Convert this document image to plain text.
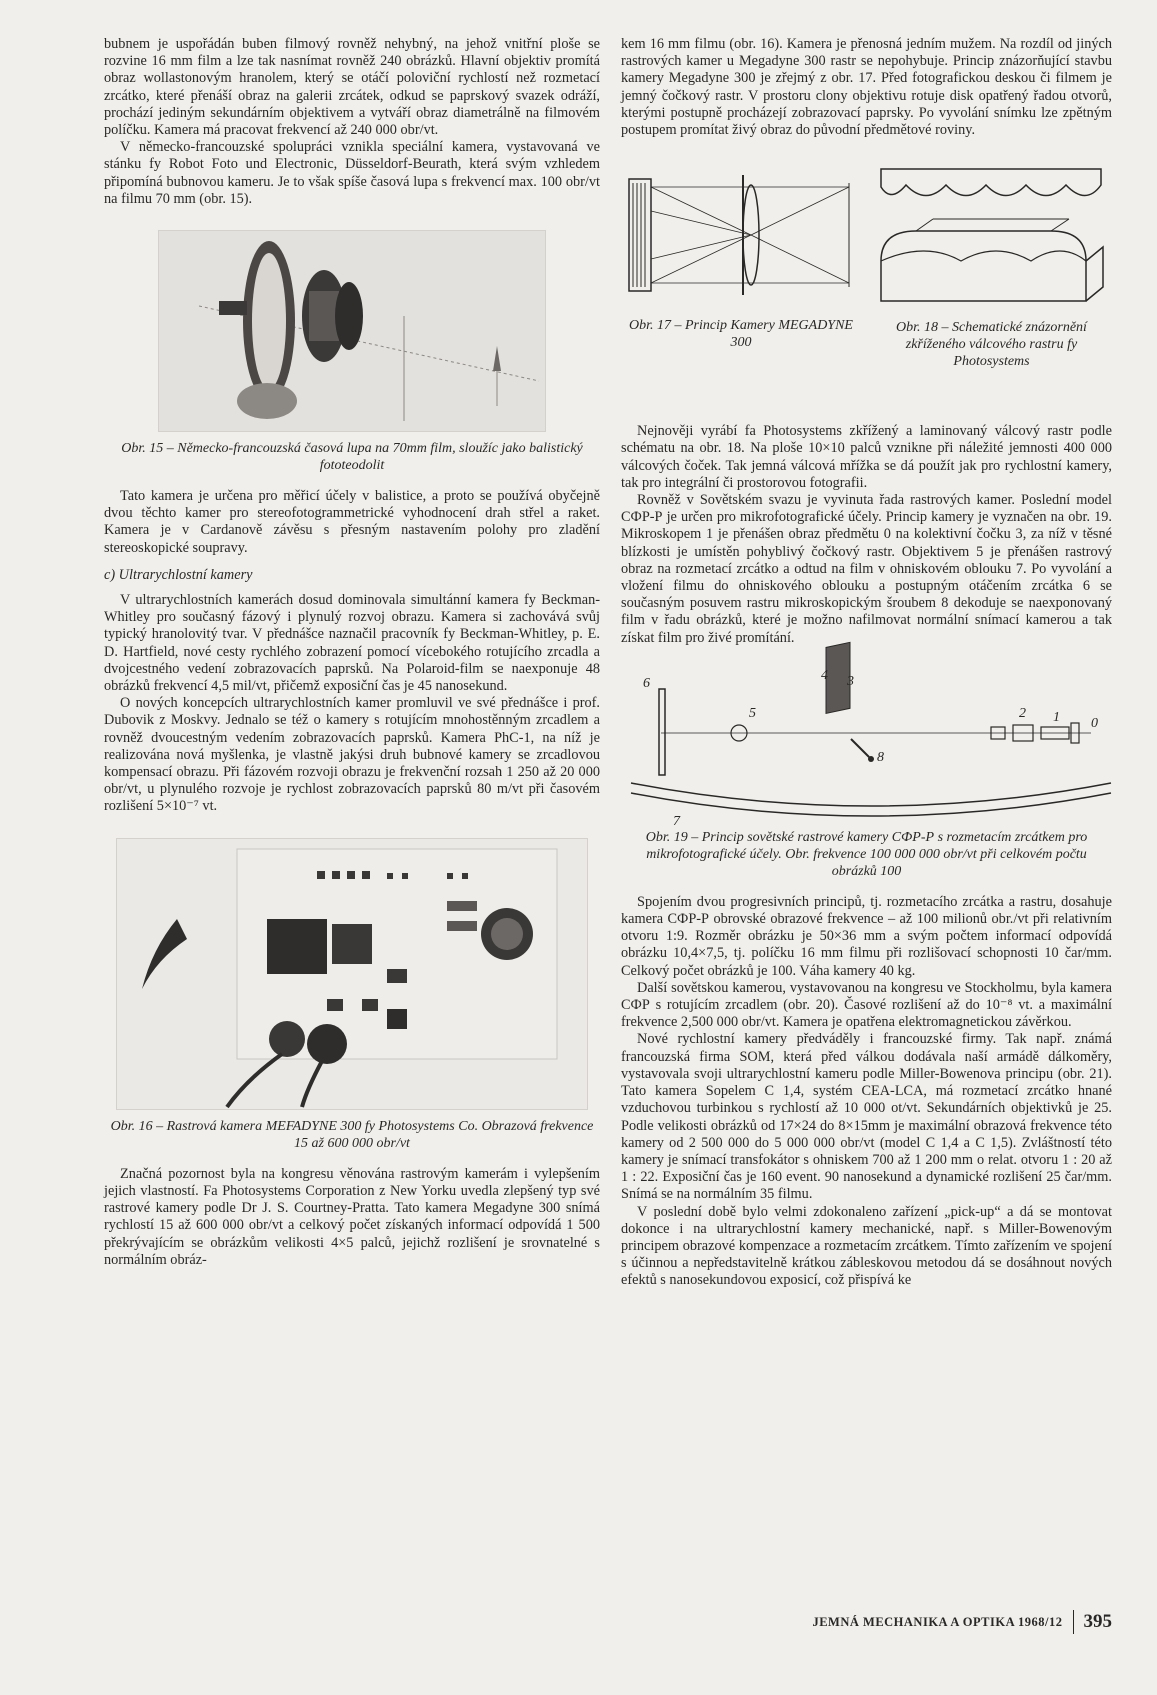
bubnem je uspořádán buben filmový rovněž nehybný, na jehož vnitřní ploše se rozvine 16 mm film a lze tak nasnímat rovněž 240 obrázků. Hlavní objektiv promítá obraz wollastonovým hranolem, který se otáčí poloviční rychlostí než rozmetací zrcátko, které přenáší obraz na galerii zrcátek, odkud se paprskový svazek odráží, prochází jediným sekundárním objektivem a vytváří obraz diametrálně na filmovém políčku. Kamera má pracovat frekvencí až 240 000 obr/vt.

V německo-francouzské spolupráci vznikla speciální kamera, vystavovaná ve stánku fy Robot Foto und Electronic, Düsseldorf-Beurath, která svým vzhledem připomíná bubnovou kameru. Je to však spíše časová lupa s frekvencí max. 100 obr/vt na filmu 70 mm (obr. 15).

Obr. 15 – Německo-francouzská časová lupa na 70mm film, sloužíc jako balistický fototeodolit

Tato kamera je určena pro měřicí účely v balistice, a proto se používá obyčejně dvou těchto kamer pro stereofotogrammetrické vyhodnocení drah střel a raket. Kamera je v Cardanově závěsu s přesným nastavením polohy pro zladění stereoskopické soupravy.

c) Ultrarychlostní kamery

V ultrarychlostních kamerách dosud dominovala simultánní kamera fy Beckman-Whitley pro současný fázový i plynulý rozvoj obrazu. Kamera si zachovává svůj typický hranolovitý tvar. V přednášce naznačil pracovník fy Beckman-Whitley, p. E. D. Hartfield, nové cesty rychlého zobrazení pomocí vícebokého rotujícího zrcadla a dvojcestného vedení zobrazovacích paprsků. Na Polaroid-film se naexponuje 48 obrázků frekvencí 4,5 mil/vt, přičemž exposiční čas je 45 nanosekund.

O nových koncepcích ultrarychlostních kamer promluvil ve své přednášce i prof. Dubovik z Moskvy. Jednalo se též o kamery s rotujícím mnohostěnným zrcadlem a rovněž dvoucestným vedením zobrazovacích paprsků. Kamera PhC-1, na níž je realizována nová myšlenka, je vlastně jakýsi druh bubnové kamery se zrcadlovou kompensací obrazu. Při fázovém rozvoji obrazu je frekvenční rozsah 1 250 až 20 000 obr/vt, u plynulého rozvoje je rychlost zobrazovacích paprsků 80 m/vt při časovém rozlišení 5×10⁻⁷ vt.

Obr. 16 – Rastrová kamera MEFADYNE 300 fy Photosystems Co. Obrazová frekvence 15 až 600 000 obr/vt

Značná pozornost byla na kongresu věnována rastrovým kamerám i vylepšením jejich vlastností. Fa Photosystems Corporation z New Yorku uvedla zlepšený typ své rastrové kamery podle Dr J. S. Courtney-Pratta. Tato kamera Megadyne 300 snímá rychlostí 15 až 600 000 obr/vt a celkový počet získaných informací odpovídá 1 500 překrývajícím se obrázkům velikosti 4×5 palců, jejichž rozlišení je srovnatelné s normálním obráz-

kem 16 mm filmu (obr. 16). Kamera je přenosná jedním mužem. Na rozdíl od jiných rastrových kamer u Megadyne 300 rastr se nepohybuje. Princip znázorňující stavbu kamery Megadyne 300 je zřejmý z obr. 17. Před fotografickou deskou či filmem je jemný čočkový rastr. V prostoru clony objektivu rotuje disk opatřený řadou otvorů, kterými postupně procházejí zobrazovací paprsky. Po vyvolání snímku lze zpětným postupem promítat živý obraz do původní předmětové roviny.

Obr. 17 – Princip Kamery MEGADYNE 300

Obr. 18 – Schematické znázornění zkříženého válcového rastru fy Photosystems

Nejnověji vyrábí fa Photosystems zkřížený a laminovaný válcový rastr podle schématu na obr. 18. Na ploše 10×10 palců vznikne při náležité jemnosti 400 000 válcových čoček. Tak jemná válcová mřížka se dá použít jak pro rychlostní kamery, tak pro integrální či prostorovou fotografii.

Rovněž v Sovětském svazu je vyvinuta řada rastrových kamer. Poslední model СФР-Р je určen pro mikrofotografické účely. Princip kamery je vyznačen na obr. 19. Mikroskopem 1 je přenášen obraz předmětu 0 na kolektivní čočku 3, za níž v těsné blízkosti je umístěn pohyblivý čočkový rastr. Objektivem 5 je přenášen rastrový obraz na rozmetací zrcátko a odtud na film v ohniskovém oblouku 7. Po vyvolání a vložení filmu do ohniskového oblouku a postupným otáčením zrcátka 6 se současným posuvem rastru mikroskopickým šroubem 8 dekoduje se naexponovaný film v řadu obrázků, které je možno nafilmovat normální snímací kamerou a tak získat film pro živé promítání.

6
5
4 3
2 1 0
8
7

Obr. 19 – Princip sovětské rastrové kamery СФР-Р s rozmetacím zrcátkem pro mikrofotografické účely. Obr. frekvence 100 000 000 obr/vt při celkovém počtu obrázků 100

Spojením dvou progresivních principů, tj. rozmetacího zrcátka a rastru, dosahuje kamera СФР-Р obrovské obrazové frekvence – až 100 milionů obr./vt při relativním otvoru 1:9. Rozměr obrázku je 50×36 mm a svým počtem informací odpovídá obrázku 10,4×7,5, tj. políčku 16 mm filmu při rozlišovací schopnosti 10 čar/mm. Celkový počet obrázků je 100. Váha kamery 40 kg.

Další sovětskou kamerou, vystavovanou na kongresu ve Stockholmu, byla kamera СФР s rotujícím zrcadlem (obr. 20). Časové rozlišení až do 10⁻⁸ vt. a maximální frekvence 2,500 000 obr/vt. Kamera je opatřena elektromagnetickou závěrkou.

Nové rychlostní kamery předváděly i francouzské firmy. Tak např. známá francouzská firma SOM, která před válkou dodávala naší armádě dálkoměry, vystavovala svoji ultrarychlostní kameru podle Miller-Bowenova principu (obr. 21). Tato kamera Sopelem C 1,4, systém CEA-LCA, má rozmetací zrcátko hnané vzduchovou turbinkou s rychlostí až 10 000 ot/vt. Sekundárních objektivků je 25. Podle velikosti obrázků od 17×24 do 8×15mm je maximální obrazová frekvence této kamery od 2 500 000 do 5 000 000 obr/vt (model C 1,4 a C 1,5). Zvláštností této kamery je snímací transfokátor s ohniskem 700 až 1 200 mm o relat. otvoru 1 : 20 až 1 : 22. Exposiční čas je 160 event. 90 nanosekund a dynamické rozlišení 25 čar/mm. Snímá se na normálním 35 filmu.

V poslední době bylo velmi zdokonaleno zařízení „pick-up“ a dá se montovat dokonce i na ultrarychlostní kamery mechanické, např. s Miller-Bowenovým principem obrazové kompenzace a rozmetacím zrcátkem. Tímto zařízením ve spojení s účinnou a nepředstavitelně krátkou zábleskovou metodou dá se dosáhnout nových efektů s nanosekundovou exposicí, což přispívá ke

JEMNÁ MECHANIKA A OPTIKA 1968/12 395
